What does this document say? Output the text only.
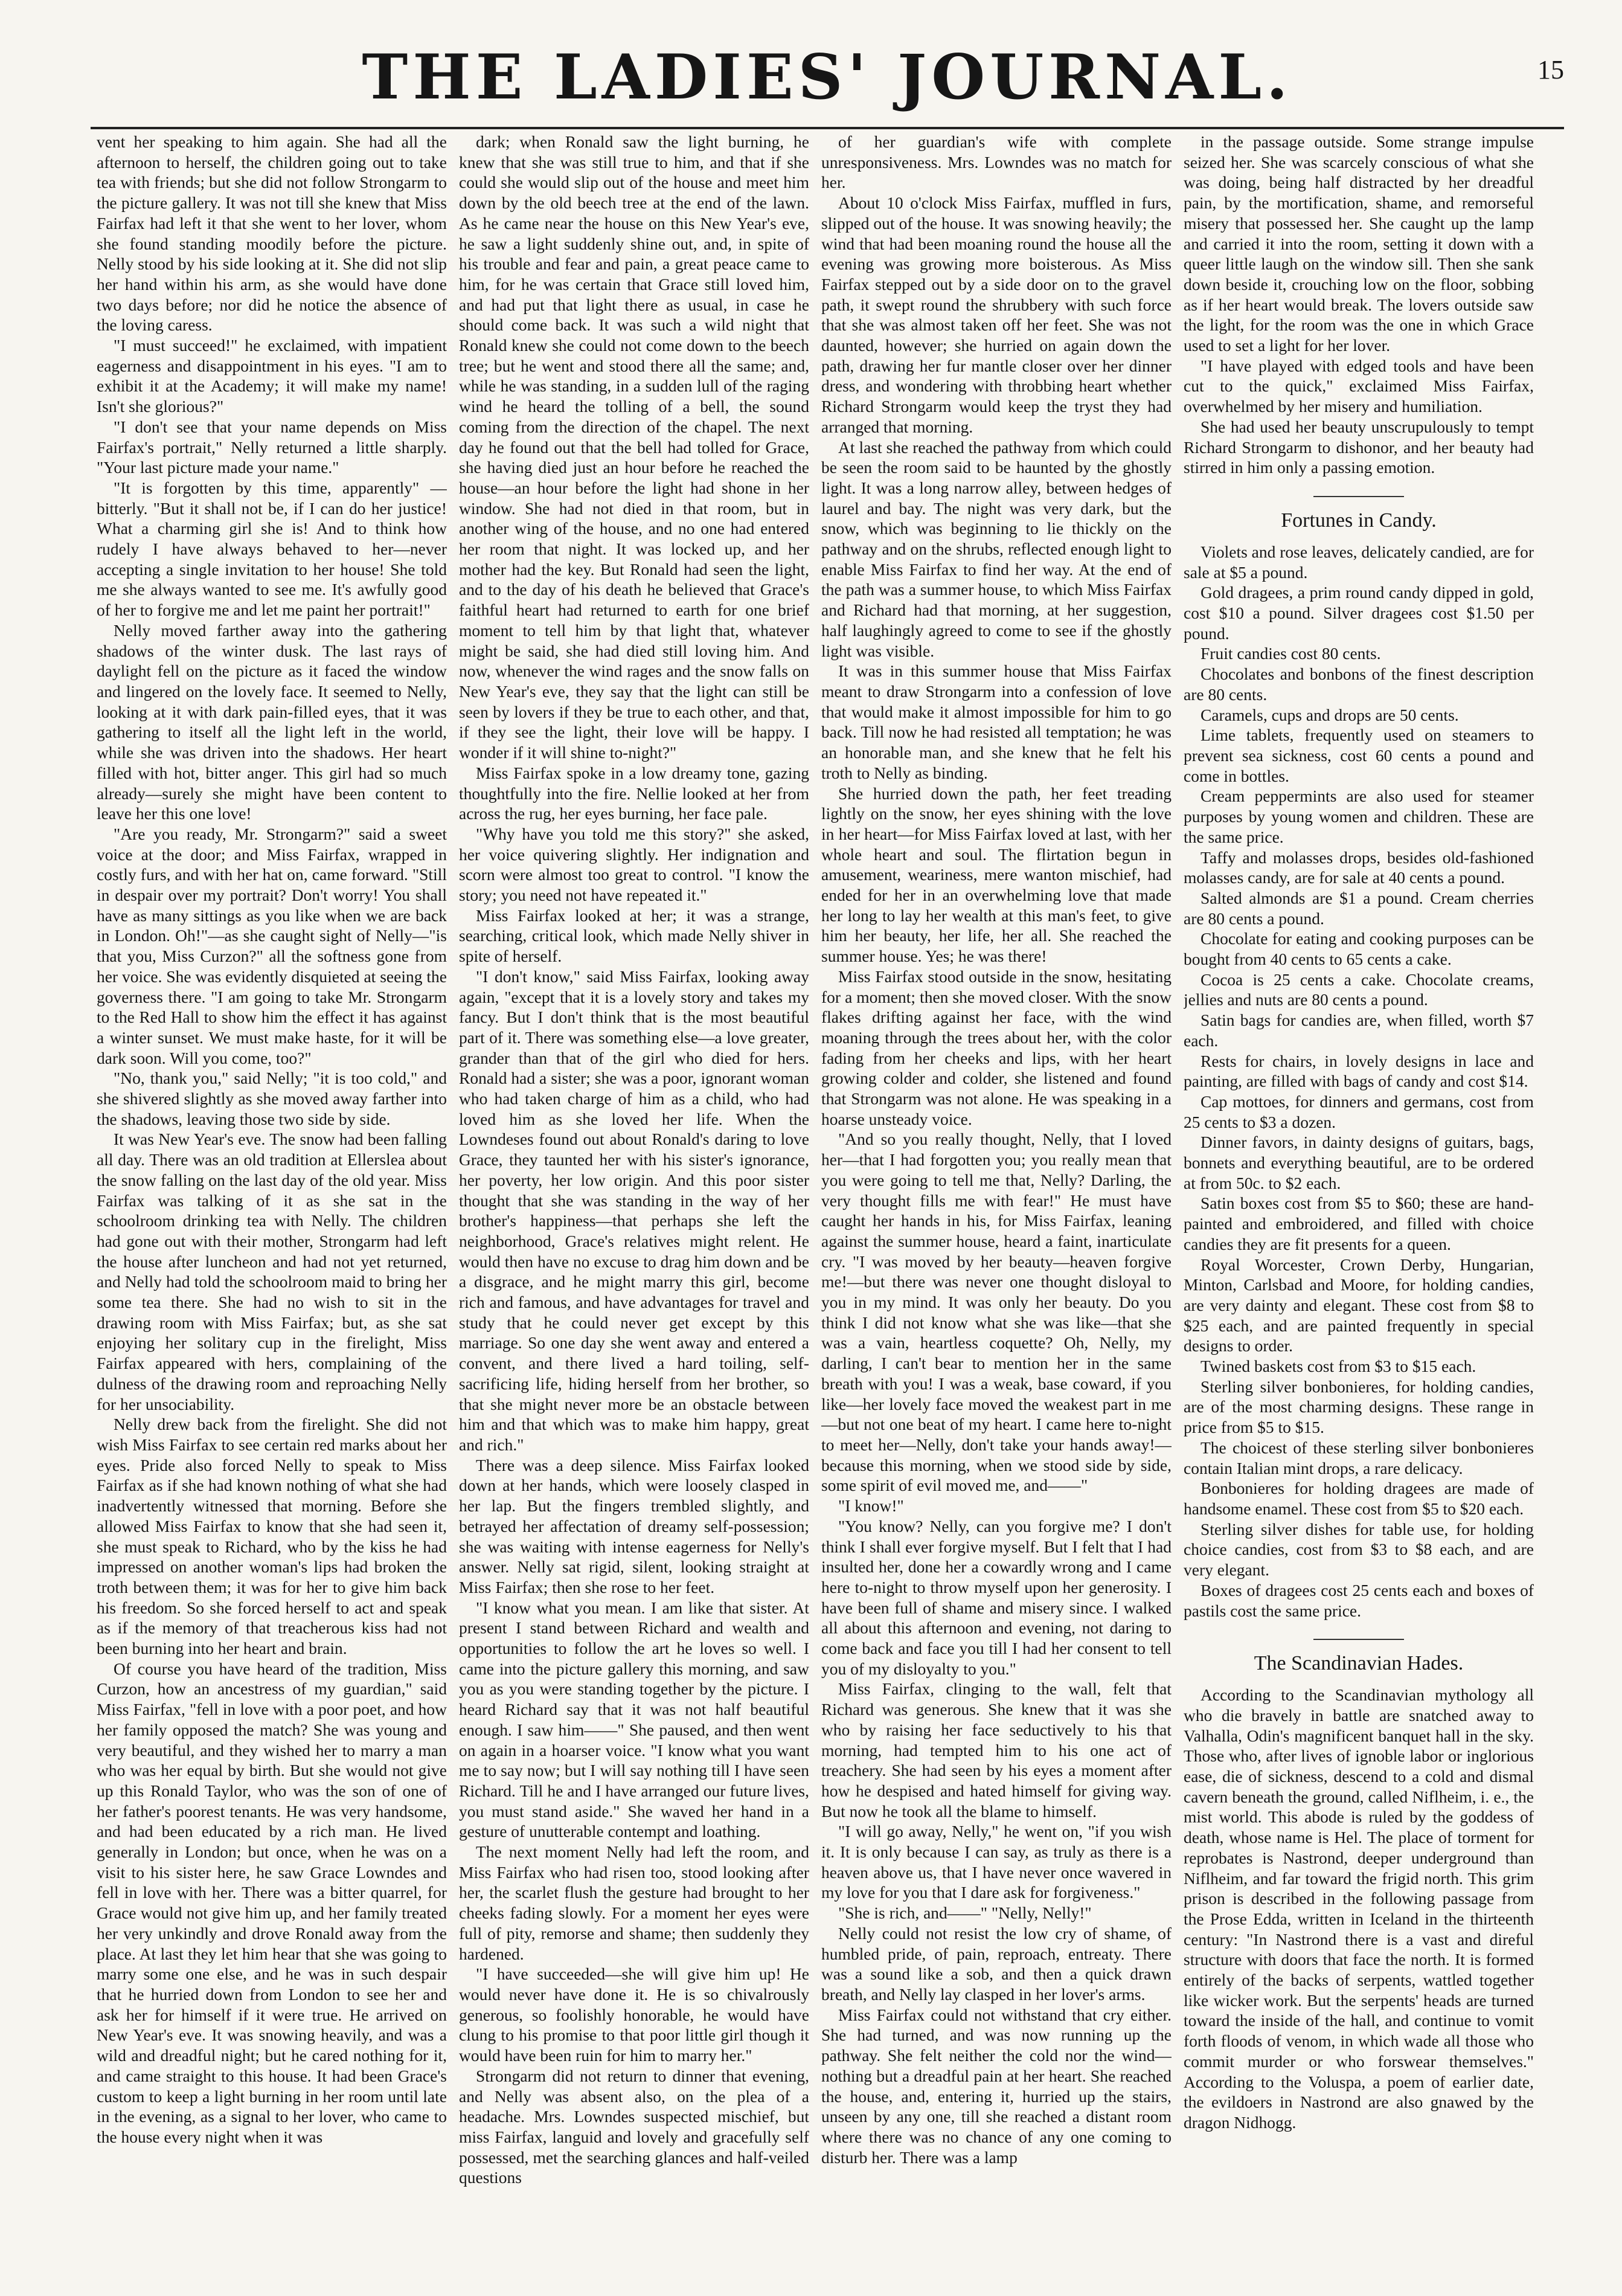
THE LADIES' JOURNAL.	15

vent her speaking to him again. She had all the afternoon to herself, the children going out to take tea with friends; but she did not follow Strongarm to the picture gallery. It was not till she knew that Miss Fairfax had left it that she went to her lover, whom she found standing moodily before the picture. Nelly stood by his side looking at it. She did not slip her hand within his arm, as she would have done two days before; nor did he notice the absence of the loving caress.

"I must succeed!" he exclaimed, with impatient eagerness and disappointment in his eyes. "I am to exhibit it at the Academy; it will make my name! Isn't she glorious?"

"I don't see that your name depends on Miss Fairfax's portrait," Nelly returned a little sharply. "Your last picture made your name."

"It is forgotten by this time, apparently" —bitterly. "But it shall not be, if I can do her justice! What a charming girl she is! And to think how rudely I have always behaved to her—never accepting a single invitation to her house! She told me she always wanted to see me. It's awfully good of her to forgive me and let me paint her portrait!"

Nelly moved farther away into the gathering shadows of the winter dusk. The last rays of daylight fell on the picture as it faced the window and lingered on the lovely face. It seemed to Nelly, looking at it with dark pain-filled eyes, that it was gathering to itself all the light left in the world, while she was driven into the shadows. Her heart filled with hot, bitter anger. This girl had so much already—surely she might have been content to leave her this one love!

"Are you ready, Mr. Strongarm?" said a sweet voice at the door; and Miss Fairfax, wrapped in costly furs, and with her hat on, came forward. "Still in despair over my portrait? Don't worry! You shall have as many sittings as you like when we are back in London. Oh!"—as she caught sight of Nelly—"is that you, Miss Curzon?" all the softness gone from her voice. She was evidently disquieted at seeing the governess there. "I am going to take Mr. Strongarm to the Red Hall to show him the effect it has against a winter sunset. We must make haste, for it will be dark soon. Will you come, too?"

"No, thank you," said Nelly; "it is too cold," and she shivered slightly as she moved away farther into the shadows, leaving those two side by side.

It was New Year's eve. The snow had been falling all day. There was an old tradition at Ellerslea about the snow falling on the last day of the old year. Miss Fairfax was talking of it as she sat in the schoolroom drinking tea with Nelly. The children had gone out with their mother, Strongarm had left the house after luncheon and had not yet returned, and Nelly had told the schoolroom maid to bring her some tea there. She had no wish to sit in the drawing room with Miss Fairfax; but, as she sat enjoying her solitary cup in the firelight, Miss Fairfax appeared with hers, complaining of the dulness of the drawing room and reproaching Nelly for her unsociability.

Nelly drew back from the firelight. She did not wish Miss Fairfax to see certain red marks about her eyes. Pride also forced Nelly to speak to Miss Fairfax as if she had known nothing of what she had inadvertently witnessed that morning. Before she allowed Miss Fairfax to know that she had seen it, she must speak to Richard, who by the kiss he had impressed on another woman's lips had broken the troth between them; it was for her to give him back his freedom. So she forced herself to act and speak as if the memory of that treacherous kiss had not been burning into her heart and brain.

Of course you have heard of the tradition, Miss Curzon, how an ancestress of my guardian," said Miss Fairfax, "fell in love with a poor poet, and how her family opposed the match? She was young and very beautiful, and they wished her to marry a man who was her equal by birth. But she would not give up this Ronald Taylor, who was the son of one of her father's poorest tenants. He was very handsome, and had been educated by a rich man. He lived generally in London; but once, when he was on a visit to his sister here, he saw Grace Lowndes and fell in love with her. There was a bitter quarrel, for Grace would not give him up, and her family treated her very unkindly and drove Ronald away from the place. At last they let him hear that she was going to marry some one else, and he was in such despair that he hurried down from London to see her and ask her for himself if it were true. He arrived on New Year's eve. It was snowing heavily, and was a wild and dreadful night; but he cared nothing for it, and came straight to this house. It had been Grace's custom to keep a light burning in her room until late in the evening, as a signal to her lover, who came to the house every night when it was

dark; when Ronald saw the light burning, he knew that she was still true to him, and that if she could she would slip out of the house and meet him down by the old beech tree at the end of the lawn. As he came near the house on this New Year's eve, he saw a light suddenly shine out, and, in spite of his trouble and fear and pain, a great peace came to him, for he was certain that Grace still loved him, and had put that light there as usual, in case he should come back. It was such a wild night that Ronald knew she could not come down to the beech tree; but he went and stood there all the same; and, while he was standing, in a sudden lull of the raging wind he heard the tolling of a bell, the sound coming from the direction of the chapel. The next day he found out that the bell had tolled for Grace, she having died just an hour before he reached the house—an hour before the light had shone in her window. She had not died in that room, but in another wing of the house, and no one had entered her room that night. It was locked up, and her mother had the key. But Ronald had seen the light, and to the day of his death he believed that Grace's faithful heart had returned to earth for one brief moment to tell him by that light that, whatever might be said, she had died still loving him. And now, whenever the wind rages and the snow falls on New Year's eve, they say that the light can still be seen by lovers if they be true to each other, and that, if they see the light, their love will be happy. I wonder if it will shine to-night?"

Miss Fairfax spoke in a low dreamy tone, gazing thoughtfully into the fire. Nellie looked at her from across the rug, her eyes burning, her face pale.

"Why have you told me this story?" she asked, her voice quivering slightly. Her indignation and scorn were almost too great to control. "I know the story; you need not have repeated it."

Miss Fairfax looked at her; it was a strange, searching, critical look, which made Nelly shiver in spite of herself.

"I don't know," said Miss Fairfax, looking away again, "except that it is a lovely story and takes my fancy. But I don't think that is the most beautiful part of it. There was something else—a love greater, grander than that of the girl who died for hers. Ronald had a sister; she was a poor, ignorant woman who had taken charge of him as a child, who had loved him as she loved her life. When the Lowndeses found out about Ronald's daring to love Grace, they taunted her with his sister's ignorance, her poverty, her low origin. And this poor sister thought that she was standing in the way of her brother's happiness—that perhaps she left the neighborhood, Grace's relatives might relent. He would then have no excuse to drag him down and be a disgrace, and he might marry this girl, become rich and famous, and have advantages for travel and study that he could never get except by this marriage. So one day she went away and entered a convent, and there lived a hard toiling, self-sacrificing life, hiding herself from her brother, so that she might never more be an obstacle between him and that which was to make him happy, great and rich."

There was a deep silence. Miss Fairfax looked down at her hands, which were loosely clasped in her lap. But the fingers trembled slightly, and betrayed her affectation of dreamy self-possession; she was waiting with intense eagerness for Nelly's answer. Nelly sat rigid, silent, looking straight at Miss Fairfax; then she rose to her feet.

"I know what you mean. I am like that sister. At present I stand between Richard and wealth and opportunities to follow the art he loves so well. I came into the picture gallery this morning, and saw you as you were standing together by the picture. I heard Richard say that it was not half beautiful enough. I saw him——" She paused, and then went on again in a hoarser voice. "I know what you want me to say now; but I will say nothing till I have seen Richard. Till he and I have arranged our future lives, you must stand aside." She waved her hand in a gesture of unutterable contempt and loathing.

The next moment Nelly had left the room, and Miss Fairfax who had risen too, stood looking after her, the scarlet flush the gesture had brought to her cheeks fading slowly. For a moment her eyes were full of pity, remorse and shame; then suddenly they hardened.

"I have succeeded—she will give him up! He would never have done it. He is so chivalrously generous, so foolishly honorable, he would have clung to his promise to that poor little girl though it would have been ruin for him to marry her."

Strongarm did not return to dinner that evening, and Nelly was absent also, on the plea of a headache. Mrs. Lowndes suspected mischief, but miss Fairfax, languid and lovely and gracefully self possessed, met the searching glances and half-veiled questions

of her guardian's wife with complete unresponsiveness. Mrs. Lowndes was no match for her.

About 10 o'clock Miss Fairfax, muffled in furs, slipped out of the house. It was snowing heavily; the wind that had been moaning round the house all the evening was growing more boisterous. As Miss Fairfax stepped out by a side door on to the gravel path, it swept round the shrubbery with such force that she was almost taken off her feet. She was not daunted, however; she hurried on again down the path, drawing her fur mantle closer over her dinner dress, and wondering with throbbing heart whether Richard Strongarm would keep the tryst they had arranged that morning.

At last she reached the pathway from which could be seen the room said to be haunted by the ghostly light. It was a long narrow alley, between hedges of laurel and bay. The night was very dark, but the snow, which was beginning to lie thickly on the pathway and on the shrubs, reflected enough light to enable Miss Fairfax to find her way. At the end of the path was a summer house, to which Miss Fairfax and Richard had that morning, at her suggestion, half laughingly agreed to come to see if the ghostly light was visible.

It was in this summer house that Miss Fairfax meant to draw Strongarm into a confession of love that would make it almost impossible for him to go back. Till now he had resisted all temptation; he was an honorable man, and she knew that he felt his troth to Nelly as binding.

She hurried down the path, her feet treading lightly on the snow, her eyes shining with the love in her heart—for Miss Fairfax loved at last, with her whole heart and soul. The flirtation begun in amusement, weariness, mere wanton mischief, had ended for her in an overwhelming love that made her long to lay her wealth at this man's feet, to give him her beauty, her life, her all. She reached the summer house. Yes; he was there!

Miss Fairfax stood outside in the snow, hesitating for a moment; then she moved closer. With the snow flakes drifting against her face, with the wind moaning through the trees about her, with the color fading from her cheeks and lips, with her heart growing colder and colder, she listened and found that Strongarm was not alone. He was speaking in a hoarse unsteady voice.

"And so you really thought, Nelly, that I loved her—that I had forgotten you; you really mean that you were going to tell me that, Nelly? Darling, the very thought fills me with fear!" He must have caught her hands in his, for Miss Fairfax, leaning against the summer house, heard a faint, inarticulate cry. "I was moved by her beauty—heaven forgive me!—but there was never one thought disloyal to you in my mind. It was only her beauty. Do you think I did not know what she was like—that she was a vain, heartless coquette? Oh, Nelly, my darling, I can't bear to mention her in the same breath with you! I was a weak, base coward, if you like—her lovely face moved the weakest part in me—but not one beat of my heart. I came here to-night to meet her—Nelly, don't take your hands away!—because this morning, when we stood side by side, some spirit of evil moved me, and——"

"I know!"

"You know? Nelly, can you forgive me? I don't think I shall ever forgive myself. But I felt that I had insulted her, done her a cowardly wrong and I came here to-night to throw myself upon her generosity. I have been full of shame and misery since. I walked all about this afternoon and evening, not daring to come back and face you till I had her consent to tell you of my disloyalty to you."

Miss Fairfax, clinging to the wall, felt that Richard was generous. She knew that it was she who by raising her face seductively to his that morning, had tempted him to his one act of treachery. She had seen by his eyes a moment after how he despised and hated himself for giving way. But now he took all the blame to himself.

"I will go away, Nelly," he went on, "if you wish it. It is only because I can say, as truly as there is a heaven above us, that I have never once wavered in my love for you that I dare ask for forgiveness."

"She is rich, and——" "Nelly, Nelly!"

Nelly could not resist the low cry of shame, of humbled pride, of pain, reproach, entreaty. There was a sound like a sob, and then a quick drawn breath, and Nelly lay clasped in her lover's arms.

Miss Fairfax could not withstand that cry either. She had turned, and was now running up the pathway. She felt neither the cold nor the wind—nothing but a dreadful pain at her heart. She reached the house, and, entering it, hurried up the stairs, unseen by any one, till she reached a distant room where there was no chance of any one coming to disturb her. There was a lamp

in the passage outside. Some strange impulse seized her. She was scarcely conscious of what she was doing, being half distracted by her dreadful pain, by the mortification, shame, and remorseful misery that possessed her. She caught up the lamp and carried it into the room, setting it down with a queer little laugh on the window sill. Then she sank down beside it, crouching low on the floor, sobbing as if her heart would break. The lovers outside saw the light, for the room was the one in which Grace used to set a light for her lover.

"I have played with edged tools and have been cut to the quick," exclaimed Miss Fairfax, overwhelmed by her misery and humiliation.

She had used her beauty unscrupulously to tempt Richard Strongarm to dishonor, and her beauty had stirred in him only a passing emotion.

Fortunes in Candy.

Violets and rose leaves, delicately candied, are for sale at $5 a pound.

Gold dragees, a prim round candy dipped in gold, cost $10 a pound. Silver dragees cost $1.50 per pound.

Fruit candies cost 80 cents.

Chocolates and bonbons of the finest description are 80 cents.

Caramels, cups and drops are 50 cents.

Lime tablets, frequently used on steamers to prevent sea sickness, cost 60 cents a pound and come in bottles.

Cream peppermints are also used for steamer purposes by young women and children. These are the same price.

Taffy and molasses drops, besides old-fashioned molasses candy, are for sale at 40 cents a pound.

Salted almonds are $1 a pound. Cream cherries are 80 cents a pound.

Chocolate for eating and cooking purposes can be bought from 40 cents to 65 cents a cake.

Cocoa is 25 cents a cake. Chocolate creams, jellies and nuts are 80 cents a pound.

Satin bags for candies are, when filled, worth $7 each.

Rests for chairs, in lovely designs in lace and painting, are filled with bags of candy and cost $14.

Cap mottoes, for dinners and germans, cost from 25 cents to $3 a dozen.

Dinner favors, in dainty designs of guitars, bags, bonnets and everything beautiful, are to be ordered at from 50c. to $2 each.

Satin boxes cost from $5 to $60; these are hand-painted and embroidered, and filled with choice candies they are fit presents for a queen.

Royal Worcester, Crown Derby, Hungarian, Minton, Carlsbad and Moore, for holding candies, are very dainty and elegant. These cost from $8 to $25 each, and are painted frequently in special designs to order.

Twined baskets cost from $3 to $15 each.

Sterling silver bonbonieres, for holding candies, are of the most charming designs. These range in price from $5 to $15.

The choicest of these sterling silver bonbonieres contain Italian mint drops, a rare delicacy.

Bonbonieres for holding dragees are made of handsome enamel. These cost from $5 to $20 each.

Sterling silver dishes for table use, for holding choice candies, cost from $3 to $8 each, and are very elegant.

Boxes of dragees cost 25 cents each and boxes of pastils cost the same price.

The Scandinavian Hades.

According to the Scandinavian mythology all who die bravely in battle are snatched away to Valhalla, Odin's magnificent banquet hall in the sky. Those who, after lives of ignoble labor or inglorious ease, die of sickness, descend to a cold and dismal cavern beneath the ground, called Niflheim, i. e., the mist world. This abode is ruled by the goddess of death, whose name is Hel. The place of torment for reprobates is Nastrond, deeper underground than Niflheim, and far toward the frigid north. This grim prison is described in the following passage from the Prose Edda, written in Iceland in the thirteenth century: "In Nastrond there is a vast and direful structure with doors that face the north. It is formed entirely of the backs of serpents, wattled together like wicker work. But the serpents' heads are turned toward the inside of the hall, and continue to vomit forth floods of venom, in which wade all those who commit murder or who forswear themselves." According to the Voluspa, a poem of earlier date, the evildoers in Nastrond are also gnawed by the dragon Nidhogg.
